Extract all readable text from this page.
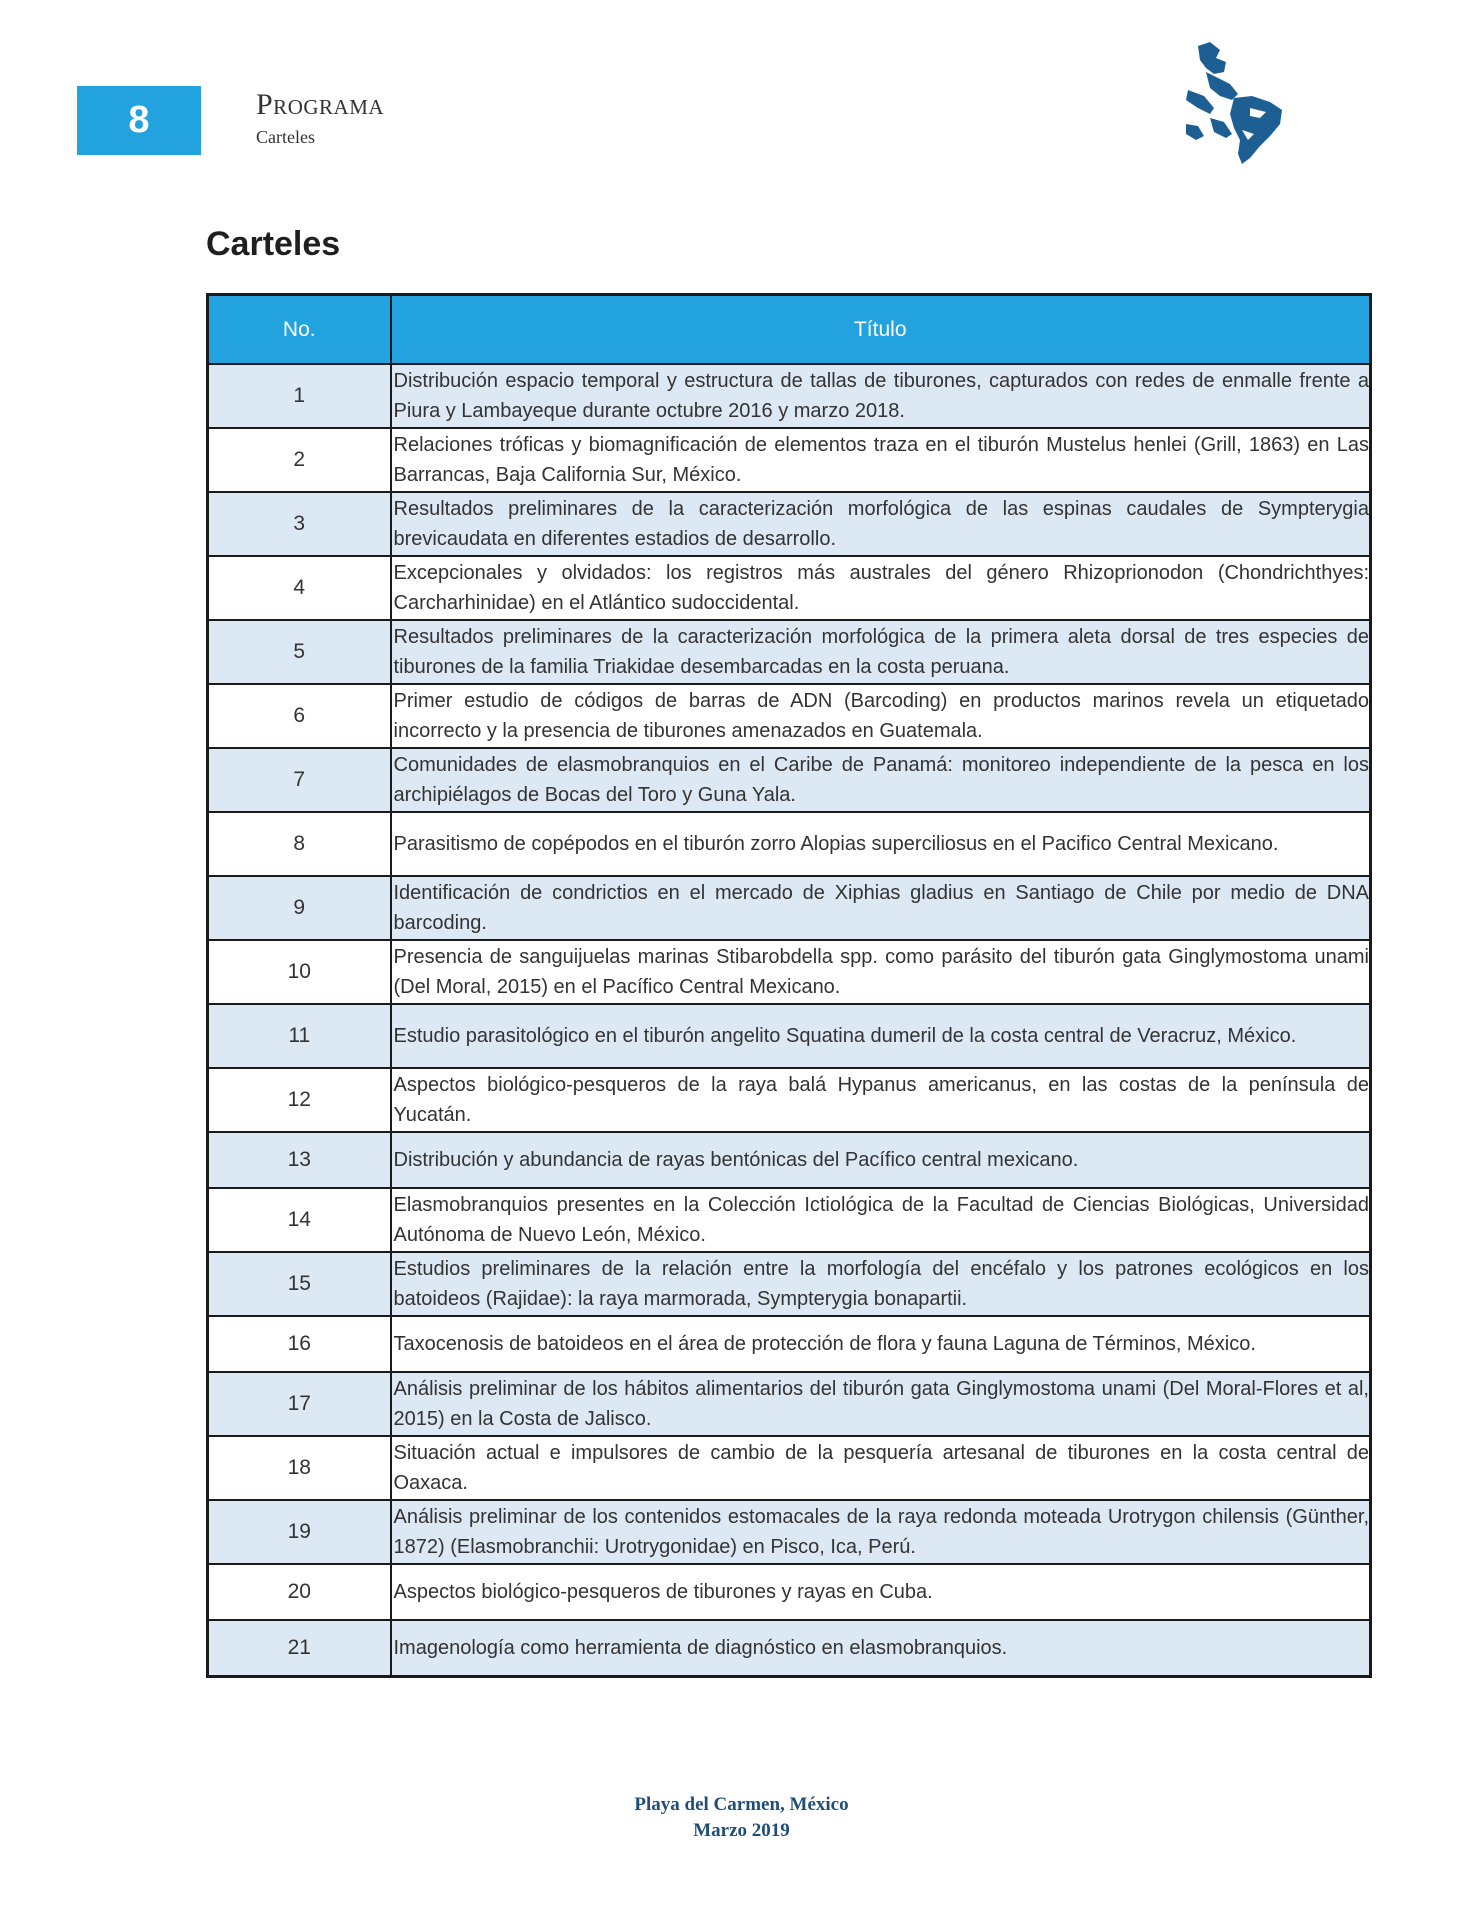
8	Programa
Carteles
Carteles
No.	Título
1	Distribución espacio temporal y estructura de tallas de tiburones, capturados con redes de enmalle frente a Piura y Lambayeque durante octubre 2016 y marzo 2018.
2	Relaciones tróficas y biomagnificación de elementos traza en el tiburón Mustelus henlei (Grill, 1863) en Las Barrancas, Baja California Sur, México.
3	Resultados preliminares de la caracterización morfológica de las espinas caudales de Sympterygia brevicaudata en diferentes estadios de desarrollo.
4	Excepcionales y olvidados: los registros más australes del género Rhizoprionodon (Chondrichthyes: Carcharhinidae) en el Atlántico sudoccidental.
5	Resultados preliminares de la caracterización morfológica de la primera aleta dorsal de tres especies de tiburones de la familia Triakidae desembarcadas en la costa peruana.
6	Primer estudio de códigos de barras de ADN (Barcoding) en productos marinos revela un etiquetado incorrecto y la presencia de tiburones amenazados en Guatemala.
7	Comunidades de elasmobranquios en el Caribe de Panamá: monitoreo independiente de la pesca en los archipiélagos de Bocas del Toro y Guna Yala.
8	Parasitismo de copépodos en el tiburón zorro Alopias superciliosus en el Pacifico Central Mexicano.
9	Identificación de condrictios en el mercado de Xiphias gladius en Santiago de Chile por medio de DNA barcoding.
10	Presencia de sanguijuelas marinas Stibarobdella spp. como parásito del tiburón gata Ginglymostoma unami (Del Moral, 2015) en el Pacífico Central Mexicano.
11	Estudio parasitológico en el tiburón angelito Squatina dumeril de la costa central de Veracruz, México.
12	Aspectos biológico-pesqueros de la raya balá Hypanus americanus, en las costas de la península de Yucatán.
13	Distribución y abundancia de rayas bentónicas del Pacífico central mexicano.
14	Elasmobranquios presentes en la Colección Ictiológica de la Facultad de Ciencias Biológicas, Universidad Autónoma de Nuevo León, México.
15	Estudios preliminares de la relación entre la morfología del encéfalo y los patrones ecológicos en los batoideos (Rajidae): la raya marmorada, Sympterygia bonapartii.
16	Taxocenosis de batoideos en el área de protección de flora y fauna Laguna de Términos, México.
17	Análisis preliminar de los hábitos alimentarios del tiburón gata Ginglymostoma unami (Del Moral-Flores et al, 2015) en la Costa de Jalisco.
18	Situación actual e impulsores de cambio de la pesquería artesanal de tiburones en la costa central de Oaxaca.
19	Análisis preliminar de los contenidos estomacales de la raya redonda moteada Urotrygon chilensis (Günther, 1872) (Elasmobranchii: Urotrygonidae) en Pisco, Ica, Perú.
20	Aspectos biológico-pesqueros de tiburones y rayas en Cuba.
21	Imagenología como herramienta de diagnóstico en elasmobranquios.
Playa del Carmen, México
Marzo 2019
